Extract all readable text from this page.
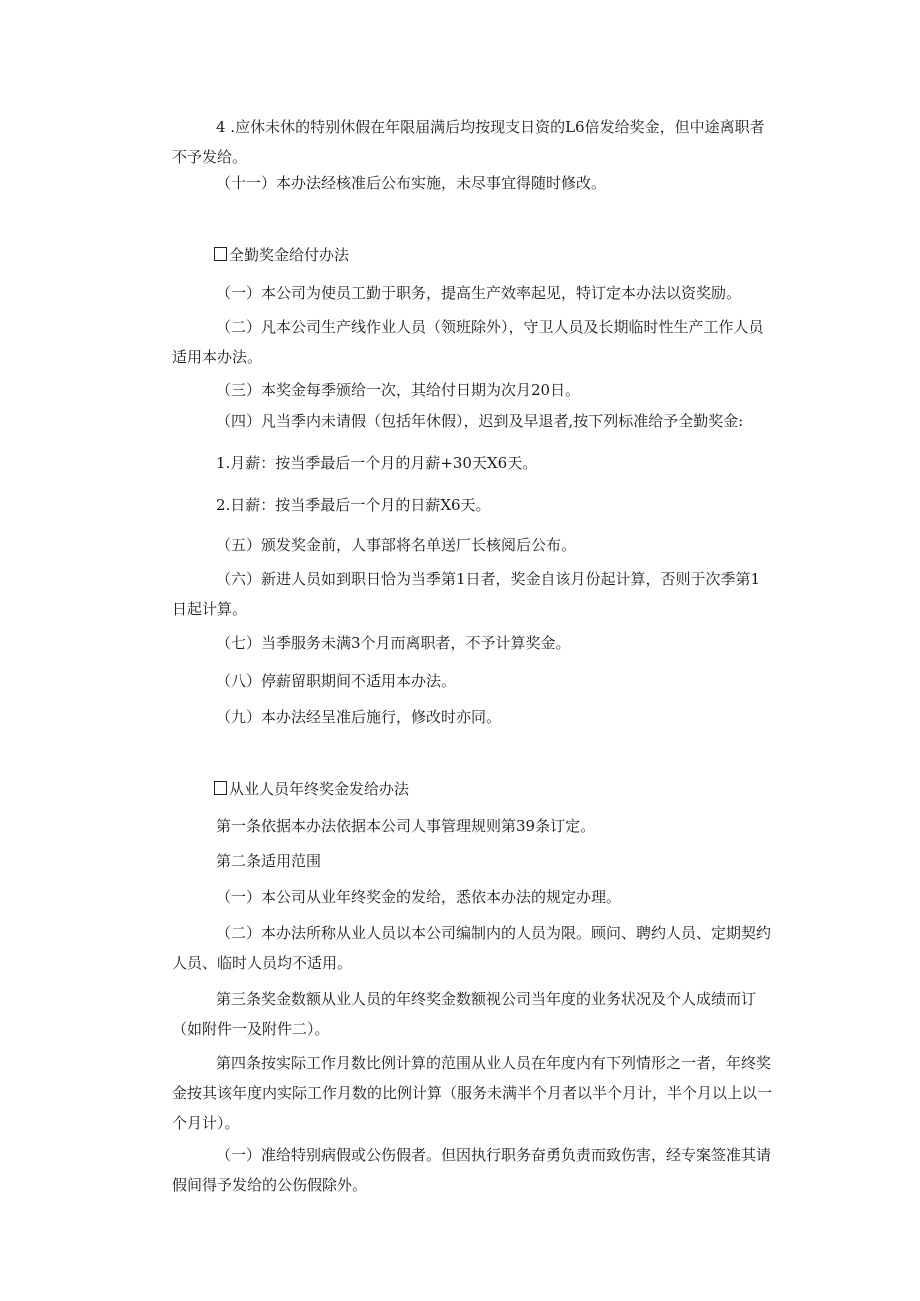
4 .应休未休的特别休假在年限届满后均按现支日资的L6倍发给奖金，但中途离职者不予发给。

（十一）本办法经核准后公布实施，未尽事宜得随时修改。

全勤奖金给付办法

（一）本公司为使员工勤于职务，提高生产效率起见，特订定本办法以资奖励。

（二）凡本公司生产线作业人员（领班除外），守卫人员及长期临时性生产工作人员适用本办法。

（三）本奖金每季颁给一次，其给付日期为次月20日。

（四）凡当季内未请假（包括年休假），迟到及早退者,按下列标准给予全勤奖金:

1.月薪：按当季最后一个月的月薪+30天X6天。

2.日薪：按当季最后一个月的日薪X6天。

（五）颁发奖金前，人事部将名单送厂长核阅后公布。

（六）新进人员如到职日恰为当季第1日者，奖金自该月份起计算，否则于次季第1日起计算。

（七）当季服务未满3个月而离职者，不予计算奖金。

（八）停薪留职期间不适用本办法。

（九）本办法经呈准后施行，修改时亦同。

从业人员年终奖金发给办法

第一条依据本办法依据本公司人事管理规则第39条订定。

第二条适用范围

（一）本公司从业年终奖金的发给，悉依本办法的规定办理。

（二）本办法所称从业人员以本公司编制内的人员为限。顾问、聘约人员、定期契约人员、临时人员均不适用。

第三条奖金数额从业人员的年终奖金数额视公司当年度的业务状况及个人成绩而订（如附件一及附件二）。

第四条按实际工作月数比例计算的范围从业人员在年度内有下列情形之一者，年终奖金按其该年度内实际工作月数的比例计算（服务未满半个月者以半个月计，半个月以上以一个月计）。

（一）准给特别病假或公伤假者。但因执行职务奋勇负责而致伤害，经专案签准其请假间得予发给的公伤假除外。
